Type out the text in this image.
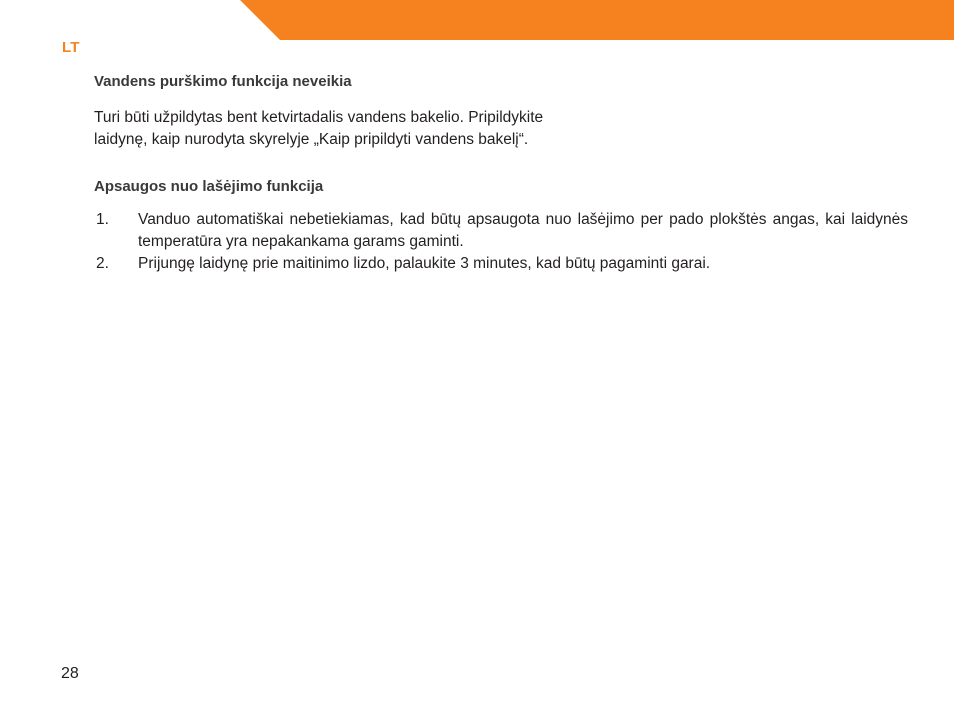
LT
Vandens purškimo funkcija neveikia

Turi būti užpildytas bent ketvirtadalis vandens bakelio. Pripildykite
laidynę, kaip nurodyta skyrelyje „Kaip pripildyti vandens bakelį“.

Apsaugos nuo lašėjimo funkcija
1. Vanduo automatiškai nebetiekiamas, kad būtų apsaugota nuo lašėjimo per pado plokštės angas, kai laidynės temperatūra yra nepakankama garams gaminti.
2. Prijungę laidynę prie maitinimo lizdo, palaukite 3 minutes, kad būtų pagaminti garai.
28
